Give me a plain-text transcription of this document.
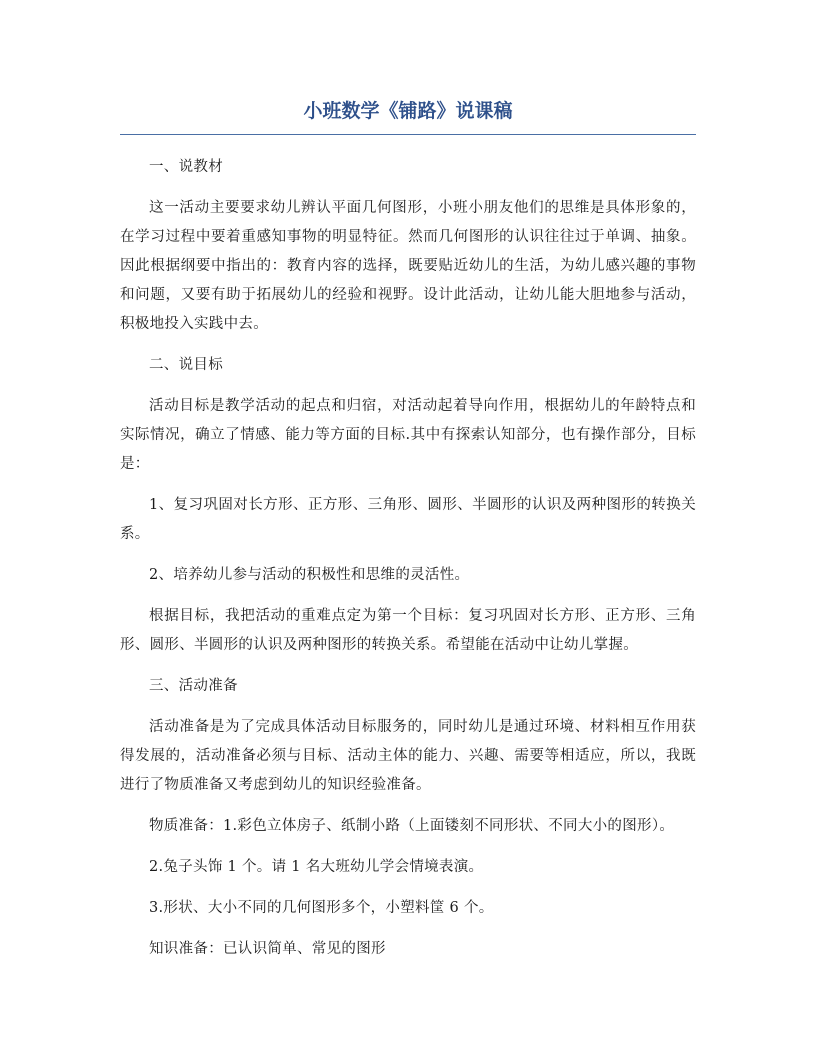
小班数学《铺路》说课稿

一、说教材

这一活动主要要求幼儿辨认平面几何图形，小班小朋友他们的思维是具体形象的，在学习过程中要着重感知事物的明显特征。然而几何图形的认识往往过于单调、抽象。因此根据纲要中指出的：教育内容的选择，既要贴近幼儿的生活，为幼儿感兴趣的事物和问题，又要有助于拓展幼儿的经验和视野。设计此活动，让幼儿能大胆地参与活动，积极地投入实践中去。

二、说目标

活动目标是教学活动的起点和归宿，对活动起着导向作用，根据幼儿的年龄特点和实际情况，确立了情感、能力等方面的目标.其中有探索认知部分，也有操作部分，目标是：

1、复习巩固对长方形、正方形、三角形、圆形、半圆形的认识及两种图形的转换关系。

2、培养幼儿参与活动的积极性和思维的灵活性。

根据目标，我把活动的重难点定为第一个目标：复习巩固对长方形、正方形、三角形、圆形、半圆形的认识及两种图形的转换关系。希望能在活动中让幼儿掌握。

三、活动准备

活动准备是为了完成具体活动目标服务的，同时幼儿是通过环境、材料相互作用获得发展的，活动准备必须与目标、活动主体的能力、兴趣、需要等相适应，所以，我既进行了物质准备又考虑到幼儿的知识经验准备。

物质准备：1.彩色立体房子、纸制小路（上面镂刻不同形状、不同大小的图形）。

2.兔子头饰 1 个。请 1 名大班幼儿学会情境表演。

3.形状、大小不同的几何图形多个，小塑料筐 6 个。

知识准备：已认识简单、常见的图形
